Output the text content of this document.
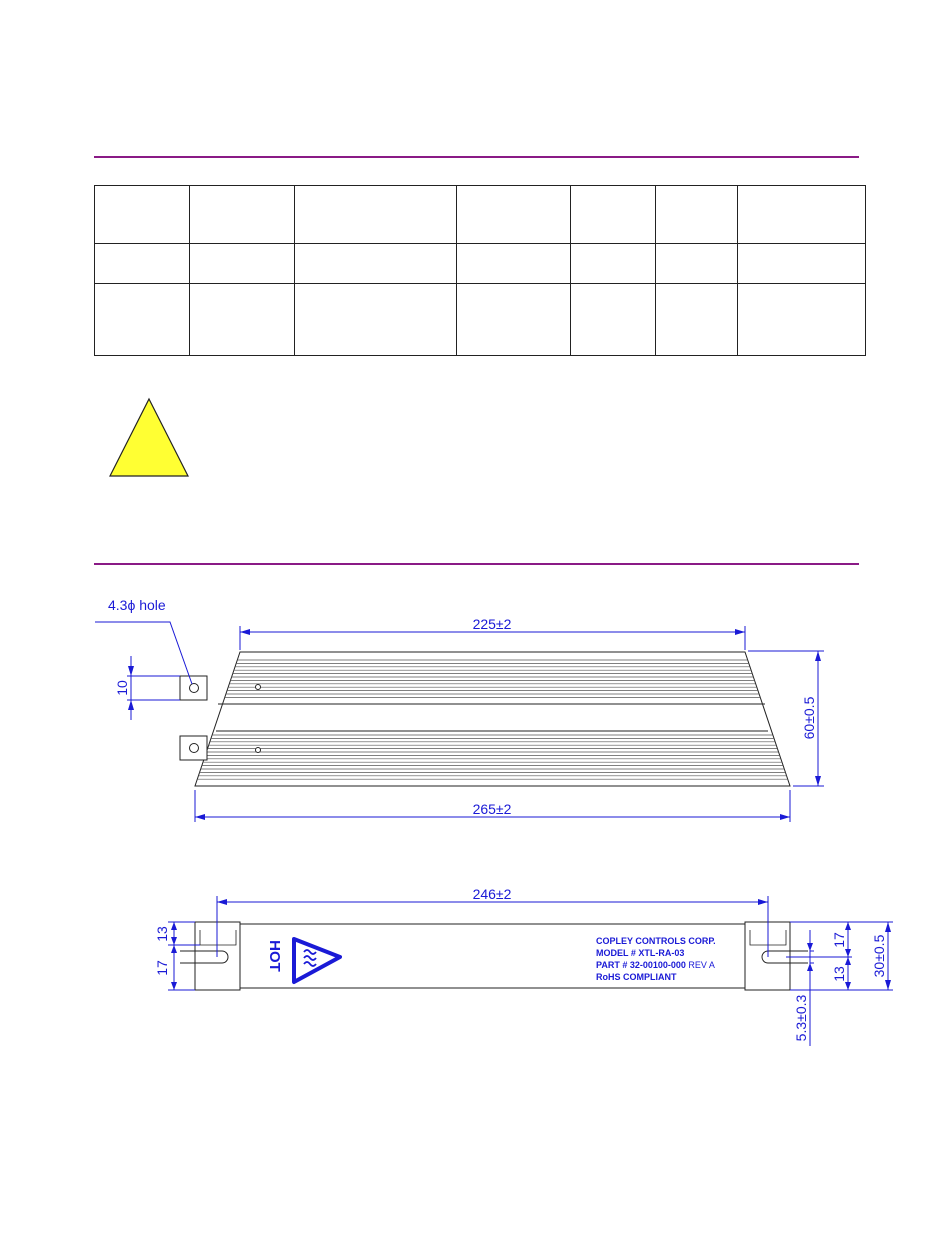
4.3ϕ hole
225±2
265±2
60±0.5
10
HOT	COPLEY CONTROLS CORP.
MODEL # XTL-RA-03
PART # 32-00100-000 REV A
RoHS COMPLIANT
246±2
13
17
17
13 30±0.5
5.3±0.3
